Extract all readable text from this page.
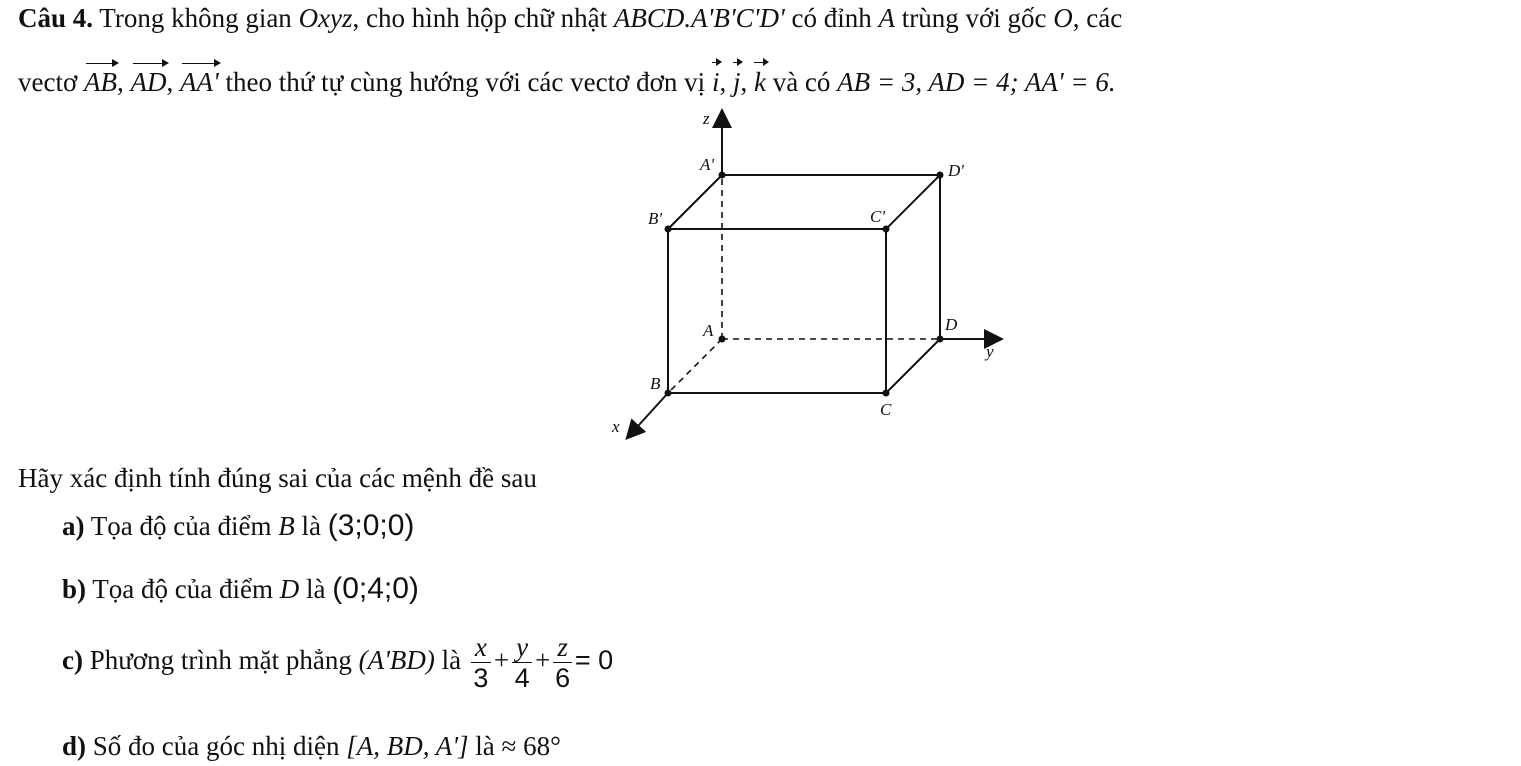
Câu 4. Trong không gian Oxyz, cho hình hộp chữ nhật ABCD.A'B'C'D' có đỉnh A trùng với gốc O, các
vectơ AB, AD, AA' theo thứ tự cùng hướng với các vectơ đơn vị i, j, k và có AB = 3, AD = 4; AA' = 6.
z
A'	D'
B'	C'
A	D
y
B
C
x
Hãy xác định tính đúng sai của các mệnh đề sau
a) Tọa độ của điểm B là (3;0;0)
b) Tọa độ của điểm D là (0;4;0)
c) Phương trình mặt phẳng (A'BD) là $\frac{x}{3} + \frac{y}{4} + \frac{z}{6} = 0$
d) Số đo của góc nhị diện [A, BD, A'] là ≈ 68°
